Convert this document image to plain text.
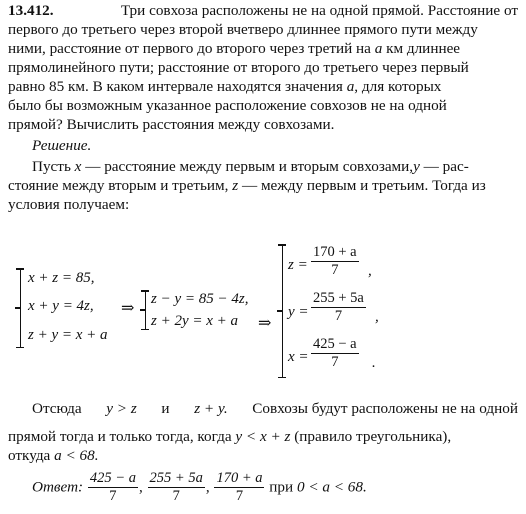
13.412.	Три совхоза расположены не на одной прямой. Расстояние от
первого до третьего через второй вчетверо длиннее прямого пути между
ними, расстояние от первого до второго через третий на a км длиннее
прямолинейного пути; расстояние от второго до третьего через первый
равно 85 км. В каком интервале находятся значения a, для которых
было бы возможным указанное расположение совхозов не на одной
прямой? Вычислить расстояния между совхозами.
Решение.
Пусть x — расстояние между первым и вторым совхозами,y — рас-
стояние между вторым и третьим, z — между первым и третьим. Тогда из
условия получаем:
x + z = 85,
x + y = 4z,
z + y = x + a
⇒
z − y = 85 − 4z,
z + 2y = x + a ⇒
$z = \frac{170 + a}{7}$ ,
$y = \frac{255 + 5a}{7}$ ,
$x = \frac{425 - a}{7}$ .
Отсюда y > z и z + y. Совхозы будут расположены не на одной
прямой тогда и только тогда, когда y < x + z (правило треугольника),
откуда a < 68.
Ответ: $\frac{425 - a}{7}$ , $\frac{255 + 5a}{7}$ , $\frac{170 + a}{7}$ при 0 < a < 68.
